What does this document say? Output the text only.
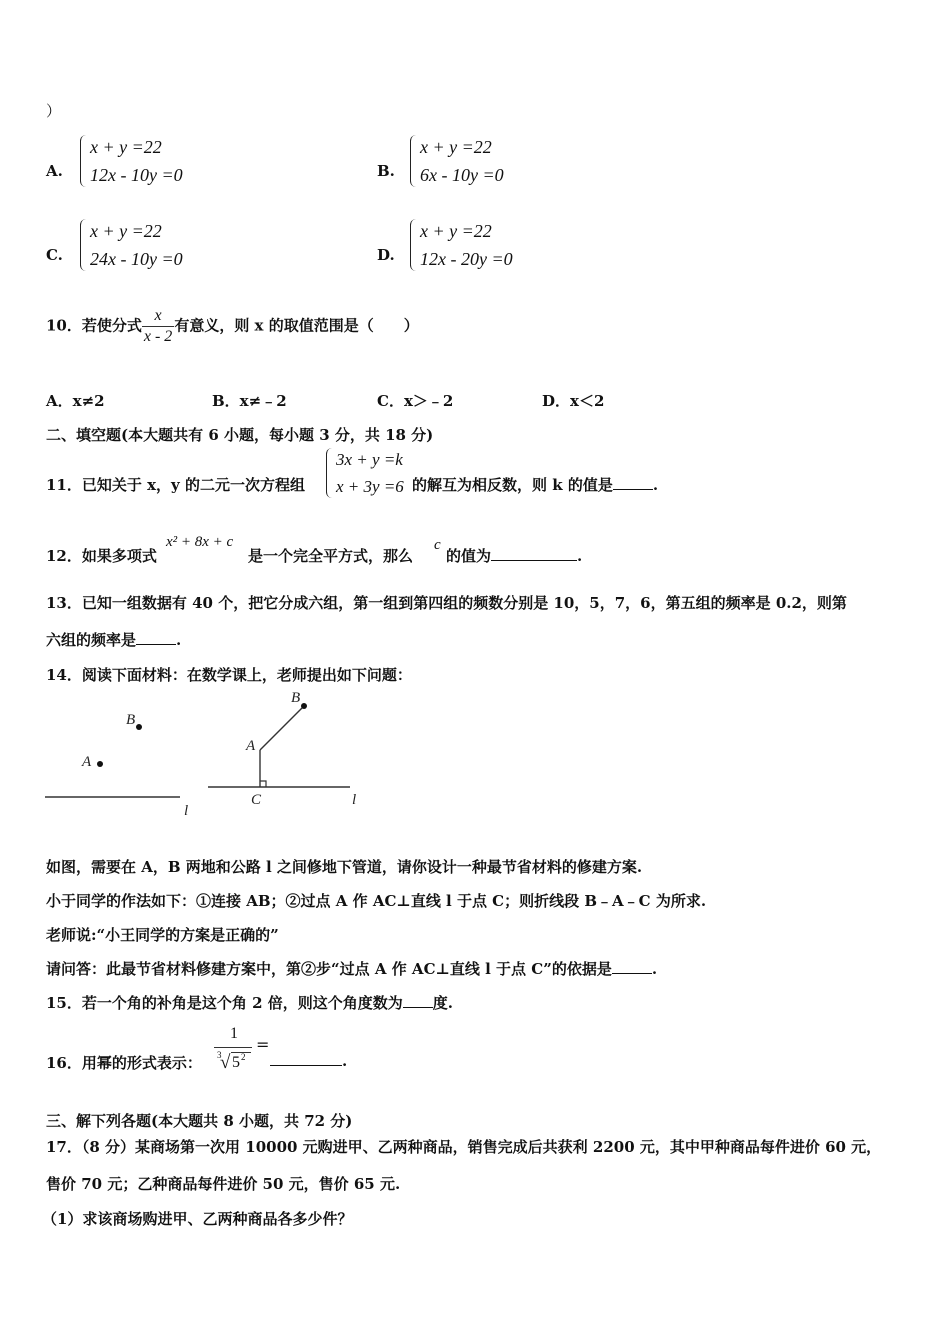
）
A.
x + y =22
12x - 10y =0	B.
x + y =22
6x - 10y =0
C.
x + y =22
24x - 10y =0	D.
x + y =22
12x - 20y =0
10．若使分式 $\frac{x}{x - 2}$ 有意义，则 x 的取值范围是（　　）
A．x≠2	B．x≠﹣2	C．x＞﹣2	D．x＜2
二、填空题(本大题共有 6 小题，每小题 3 分，共 18 分)
11．已知关于 x，y 的二元一次方程组
3x + y =k
x + 3y =6 的解互为相反数，则 k 的值是	.
12．如果多项式
x² + 8x + c
是一个完全平方式，那么
c
的值为	.
13．已知一组数据有 40 个，把它分成六组，第一组到第四组的频数分别是 10，5，7，6，第五组的频率是 0.2，则第
六组的频率是	.
14．阅读下面材料：在数学课上，老师提出如下问题：
B
A
l
l
B
A
C
如图，需要在 A，B 两地和公路 l 之间修地下管道，请你设计一种最节省材料的修建方案.
小于同学的作法如下：①连接 AB；②过点 A 作 AC⊥直线 l 于点 C；则折线段 B﹣A﹣C 为所求.
老师说:“小王同学的方案是正确的”
请问答：此最节省材料修建方案中，第②步“过点 A 作 AC⊥直线 l 于点 C”的依据是	.
15．若一个角的补角是这个角 2 倍，则这个角度数为 度.
16．用幂的形式表示：
1
3
√ 5 2
=
.
三、解下列各题(本大题共 8 小题，共 72 分)
17．（8 分）某商场第一次用 10000 元购进甲、乙两种商品，销售完成后共获利 2200 元，其中甲种商品每件进价 60 元，
售价 70 元；乙种商品每件进价 50 元，售价 65 元.
（1）求该商场购进甲、乙两种商品各多少件？
